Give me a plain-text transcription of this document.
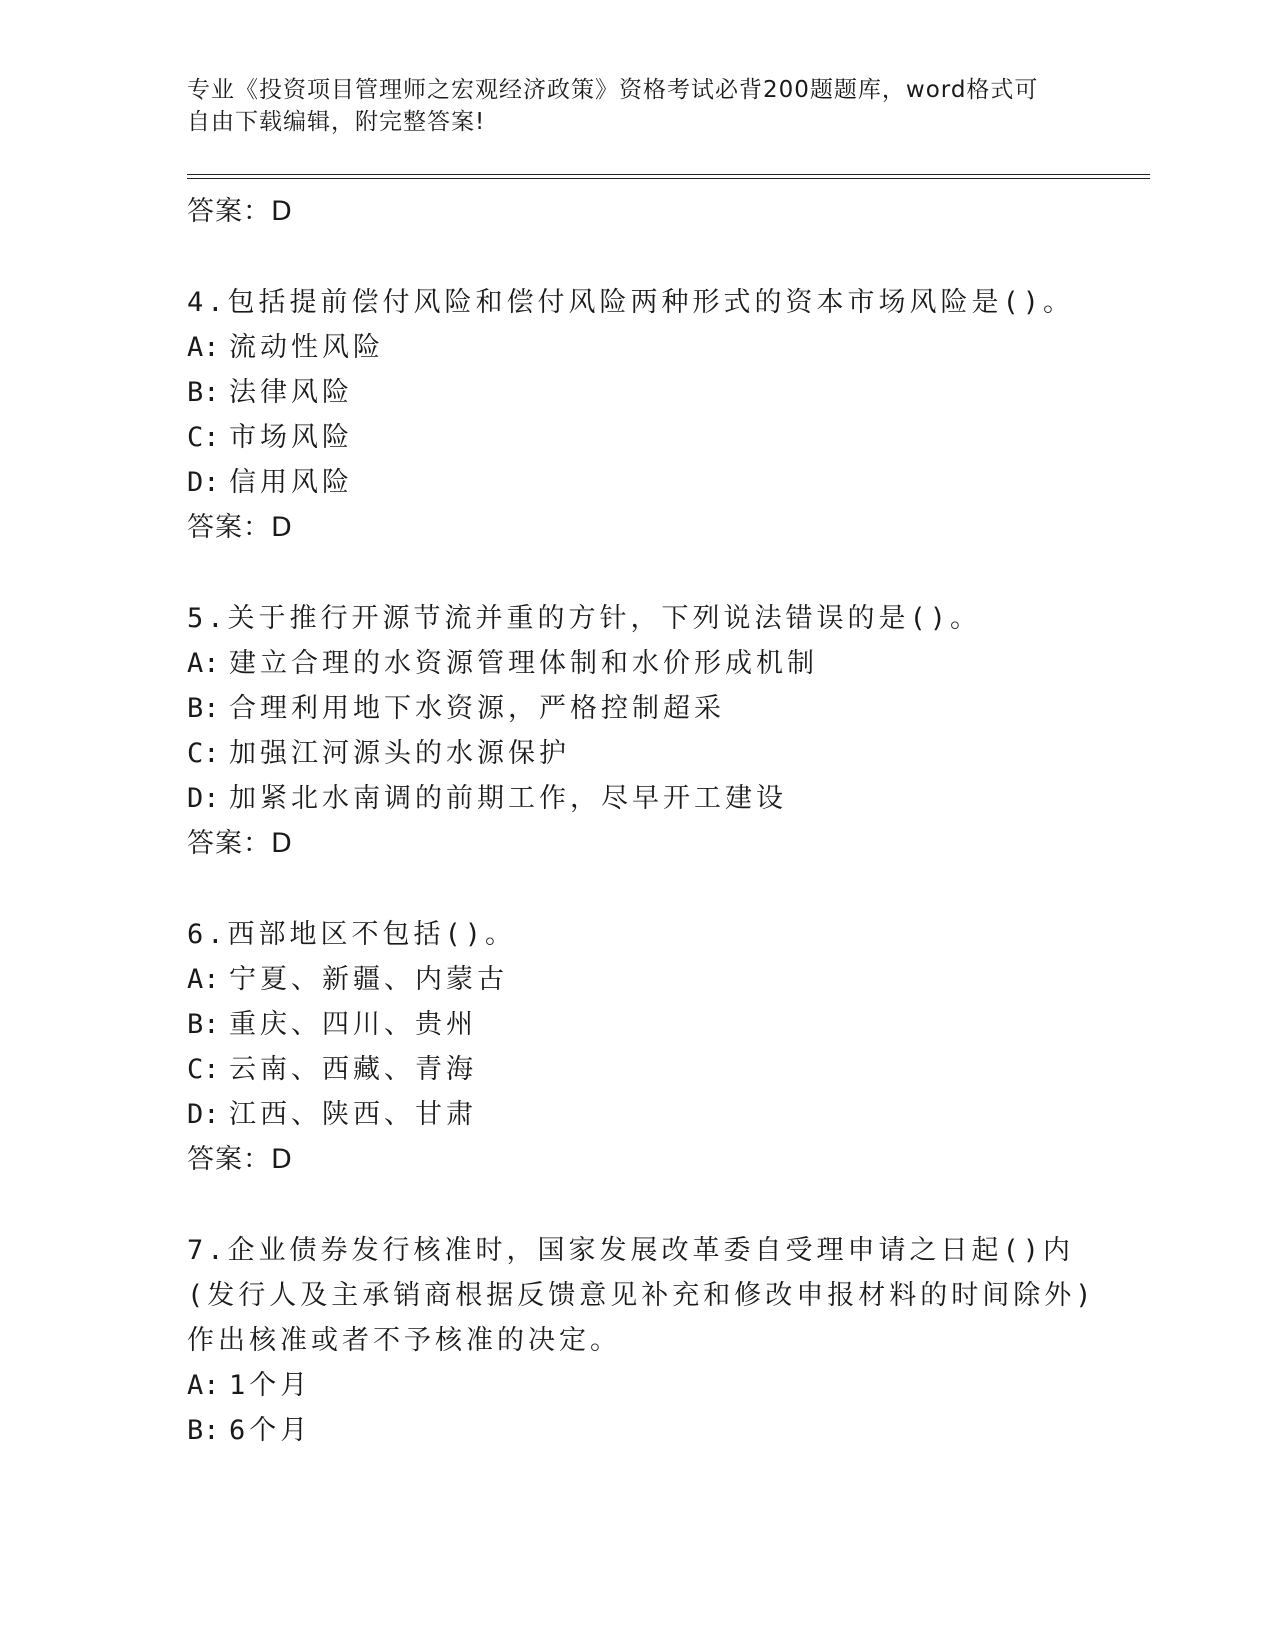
专业《投资项目管理师之宏观经济政策》资格考试必背200题题库，word格式可
自由下载编辑，附完整答案!
答案：D
4.包括提前偿付风险和偿付风险两种形式的资本市场风险是()。
A: 流动性风险
B: 法律风险
C: 市场风险
D: 信用风险
答案：D
5.关于推行开源节流并重的方针，下列说法错误的是()。
A: 建立合理的水资源管理体制和水价形成机制
B: 合理利用地下水资源，严格控制超采
C: 加强江河源头的水源保护
D: 加紧北水南调的前期工作，尽早开工建设
答案：D
6.西部地区不包括()。
A: 宁夏、新疆、内蒙古
B: 重庆、四川、贵州
C: 云南、西藏、青海
D: 江西、陕西、甘肃
答案：D
7.企业债券发行核准时，国家发展改革委自受理申请之日起()内(发行人及主承销商根据反馈意见补充和修改申报材料的时间除外)作出核准或者不予核准的决定。
A: 1个月
B: 6个月
